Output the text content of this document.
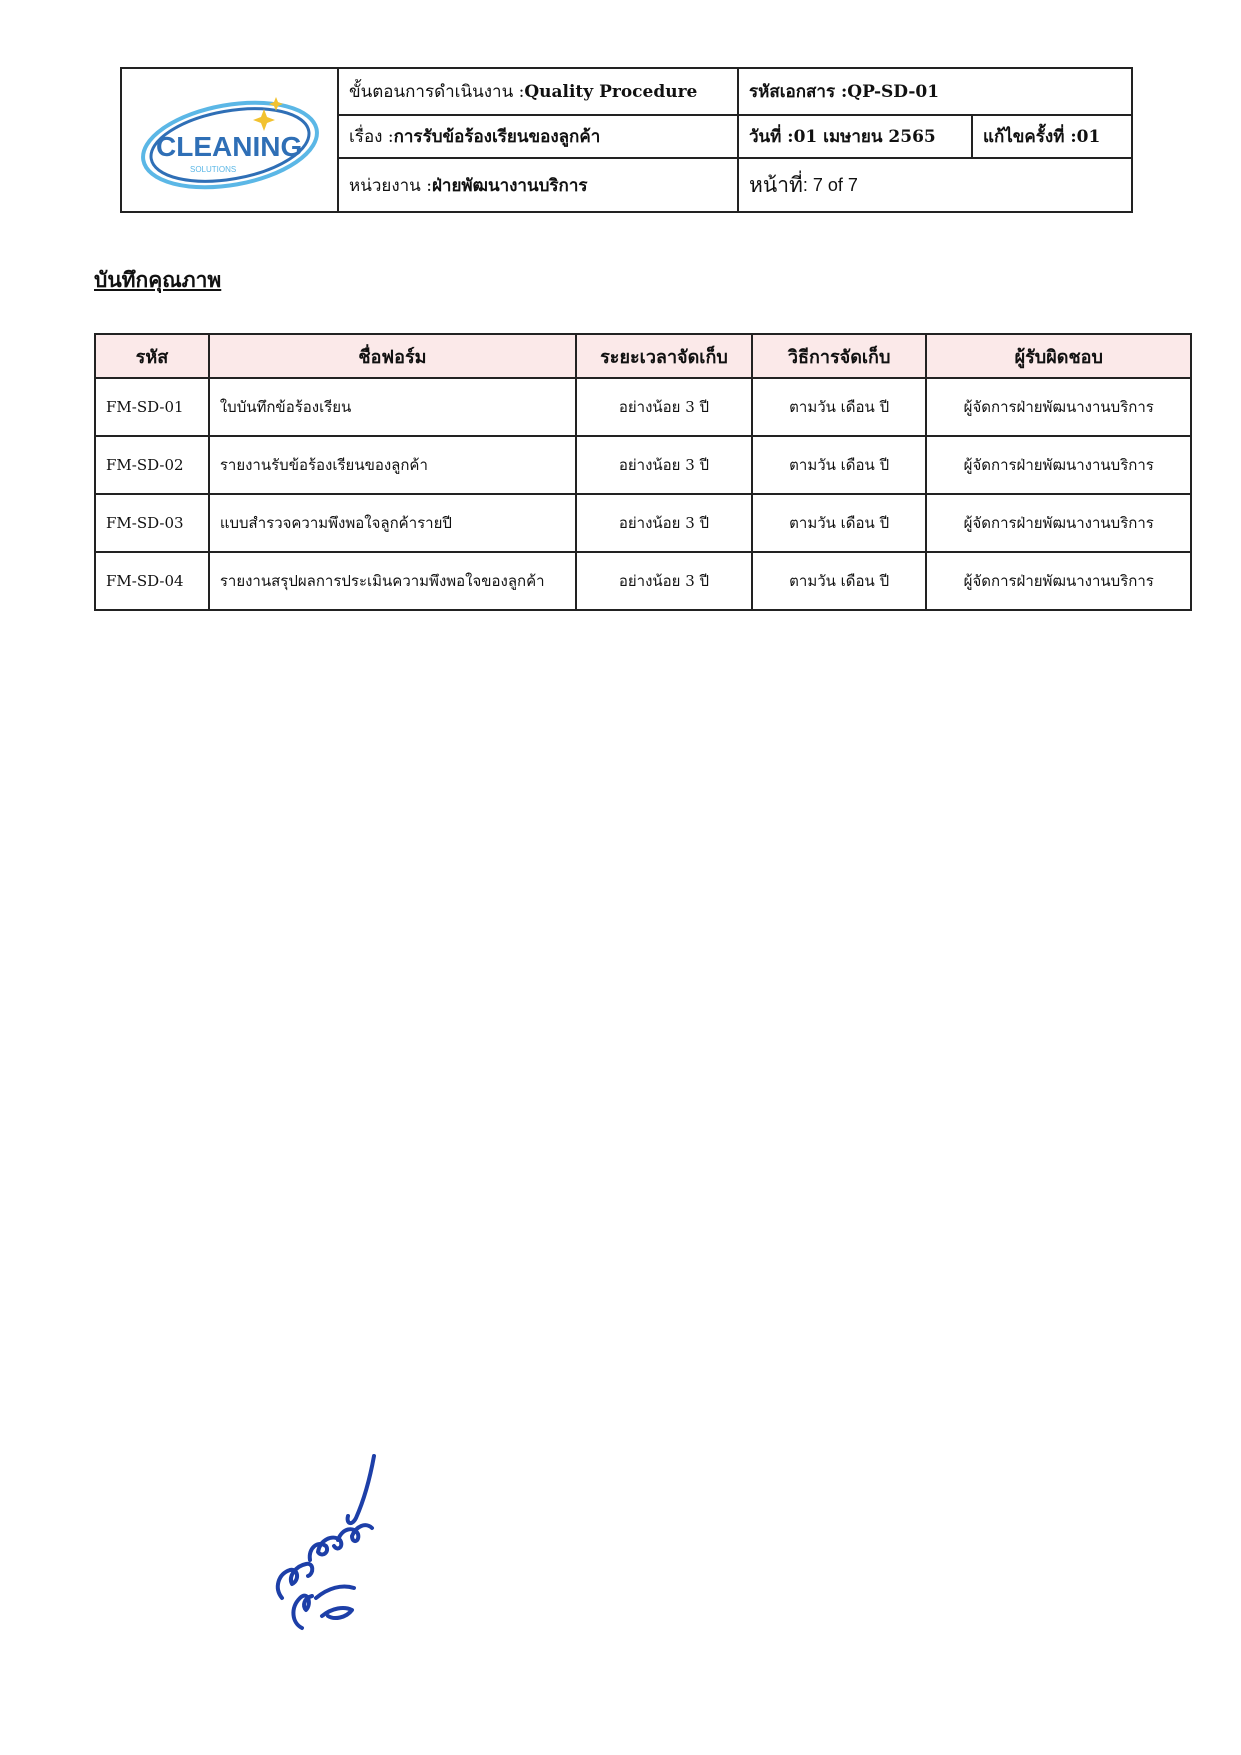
CLEANING
SOLUTIONS
ขั้นตอนการดำเนินงาน : Quality Procedure	รหัสเอกสาร : QP-SD-01
เรื่อง : การรับข้อร้องเรียนของลูกค้า	วันที่ : 01 เมษายน 2565	แก้ไขครั้งที่ : 01
หน่วยงาน : ฝ่ายพัฒนางานบริการ	หน้าที่ : 7 of 7
บันทึกคุณภาพ
รหัส	ชื่อฟอร์ม	ระยะเวลาจัดเก็บ	วิธีการจัดเก็บ	ผู้รับผิดชอบ
FM-SD-01	ใบบันทึกข้อร้องเรียน	อย่างน้อย 3 ปี	ตามวัน เดือน ปี	ผู้จัดการฝ่ายพัฒนางานบริการ
FM-SD-02	รายงานรับข้อร้องเรียนของลูกค้า	อย่างน้อย 3 ปี	ตามวัน เดือน ปี	ผู้จัดการฝ่ายพัฒนางานบริการ
FM-SD-03	แบบสำรวจความพึงพอใจลูกค้ารายปี	อย่างน้อย 3 ปี	ตามวัน เดือน ปี	ผู้จัดการฝ่ายพัฒนางานบริการ
FM-SD-04	รายงานสรุปผลการประเมินความพึงพอใจของลูกค้า	อย่างน้อย 3 ปี	ตามวัน เดือน ปี	ผู้จัดการฝ่ายพัฒนางานบริการ
